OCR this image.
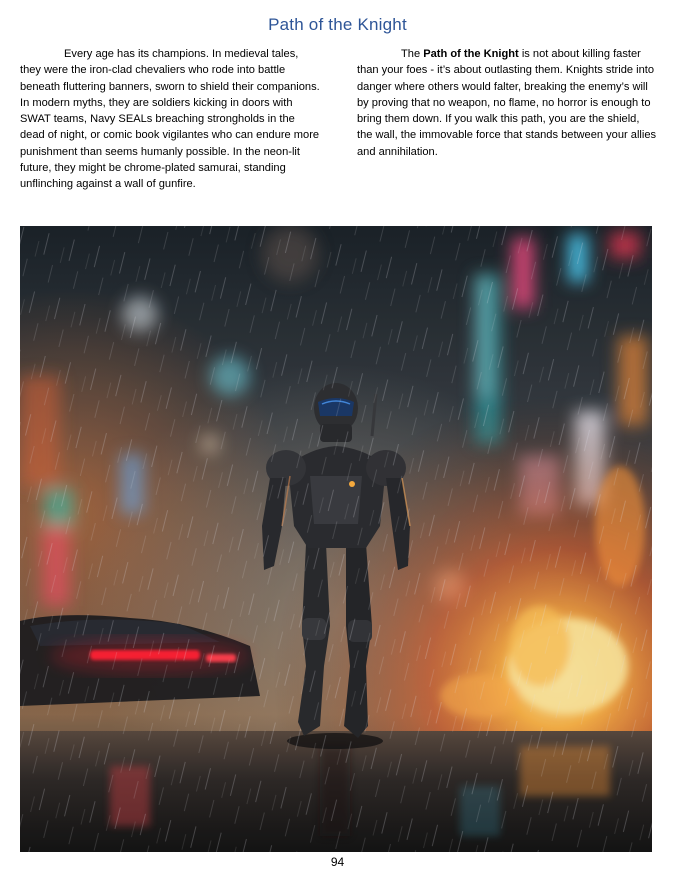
Path of the Knight

Every age has its champions. In medieval tales, they were the iron-clad chevaliers who rode into battle beneath fluttering banners, sworn to shield their companions. In modern myths, they are soldiers kicking in doors with SWAT teams, Navy SEALs breaching strongholds in the dead of night, or comic book vigilantes who can endure more punishment than seems humanly possible. In the neon-lit future, they might be chrome-plated samurai, standing unflinching against a wall of gunfire.

The Path of the Knight is not about killing faster than your foes - it’s about outlasting them. Knights stride into danger where others would falter, breaking the enemy’s will by proving that no weapon, no flame, no horror is enough to bring them down. If you walk this path, you are the shield, the wall, the immovable force that stands between your allies and annihilation.

94
